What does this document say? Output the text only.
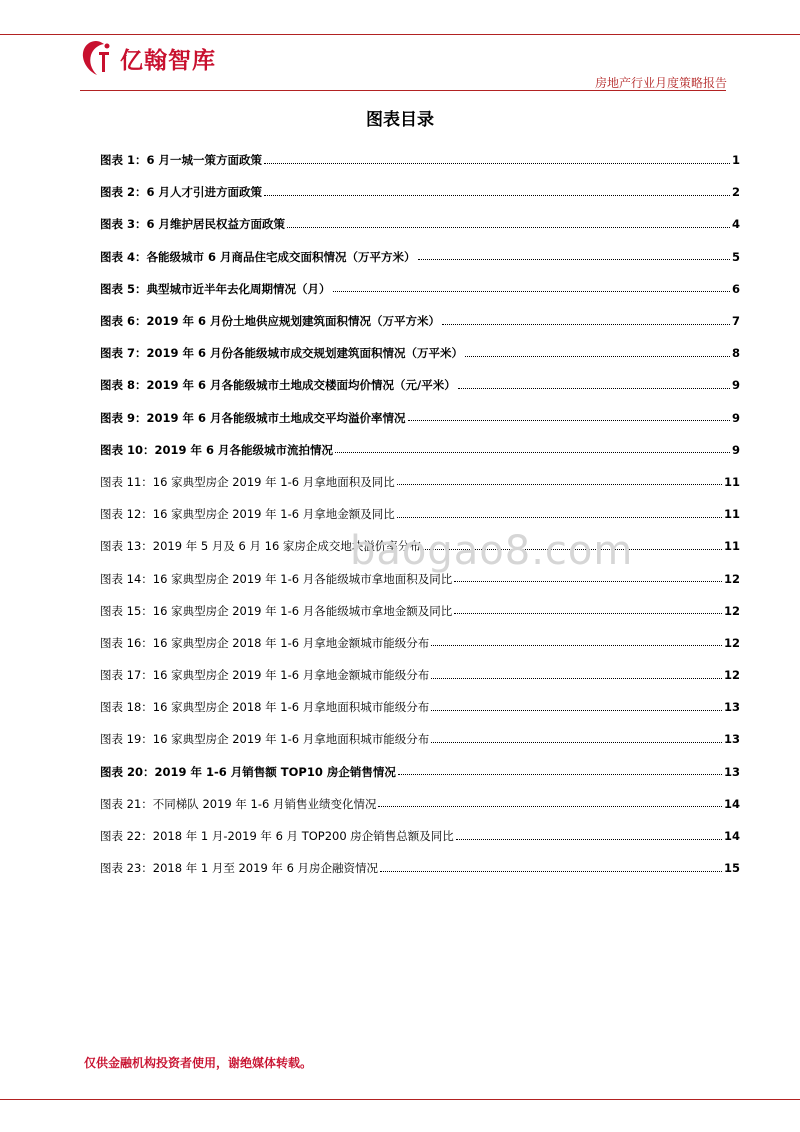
亿翰智库
房地产行业月度策略报告
图表目录
图表 1：6 月一城一策方面政策	1
图表 2：6 月人才引进方面政策	2
图表 3：6 月维护居民权益方面政策	4
图表 4：各能级城市 6 月商品住宅成交面积情况（万平方米）	5
图表 5：典型城市近半年去化周期情况（月）	6
图表 6：2019 年 6 月份土地供应规划建筑面积情况（万平方米）	7
图表 7：2019 年 6 月份各能级城市成交规划建筑面积情况（万平米）	8
图表 8：2019 年 6 月各能级城市土地成交楼面均价情况（元/平米）	9
图表 9：2019 年 6 月各能级城市土地成交平均溢价率情况	9
图表 10：2019 年 6 月各能级城市流拍情况	9
图表 11：16 家典型房企 2019 年 1-6 月拿地面积及同比	11
图表 12：16 家典型房企 2019 年 1-6 月拿地金额及同比	11
图表 13：2019 年 5 月及 6 月 16 家房企成交地块溢价率分布	11
图表 14：16 家典型房企 2019 年 1-6 月各能级城市拿地面积及同比	12
图表 15：16 家典型房企 2019 年 1-6 月各能级城市拿地金额及同比	12
图表 16：16 家典型房企 2018 年 1-6 月拿地金额城市能级分布	12
图表 17：16 家典型房企 2019 年 1-6 月拿地金额城市能级分布	12
图表 18：16 家典型房企 2018 年 1-6 月拿地面积城市能级分布	13
图表 19：16 家典型房企 2019 年 1-6 月拿地面积城市能级分布	13
图表 20：2019 年 1-6 月销售额 TOP10 房企销售情况	13
图表 21：不同梯队 2019 年 1-6 月销售业绩变化情况	14
图表 22：2018 年 1 月-2019 年 6 月 TOP200 房企销售总额及同比	14
图表 23：2018 年 1 月至 2019 年 6 月房企融资情况	15
baogao8.com
仅供金融机构投资者使用，谢绝媒体转载。
